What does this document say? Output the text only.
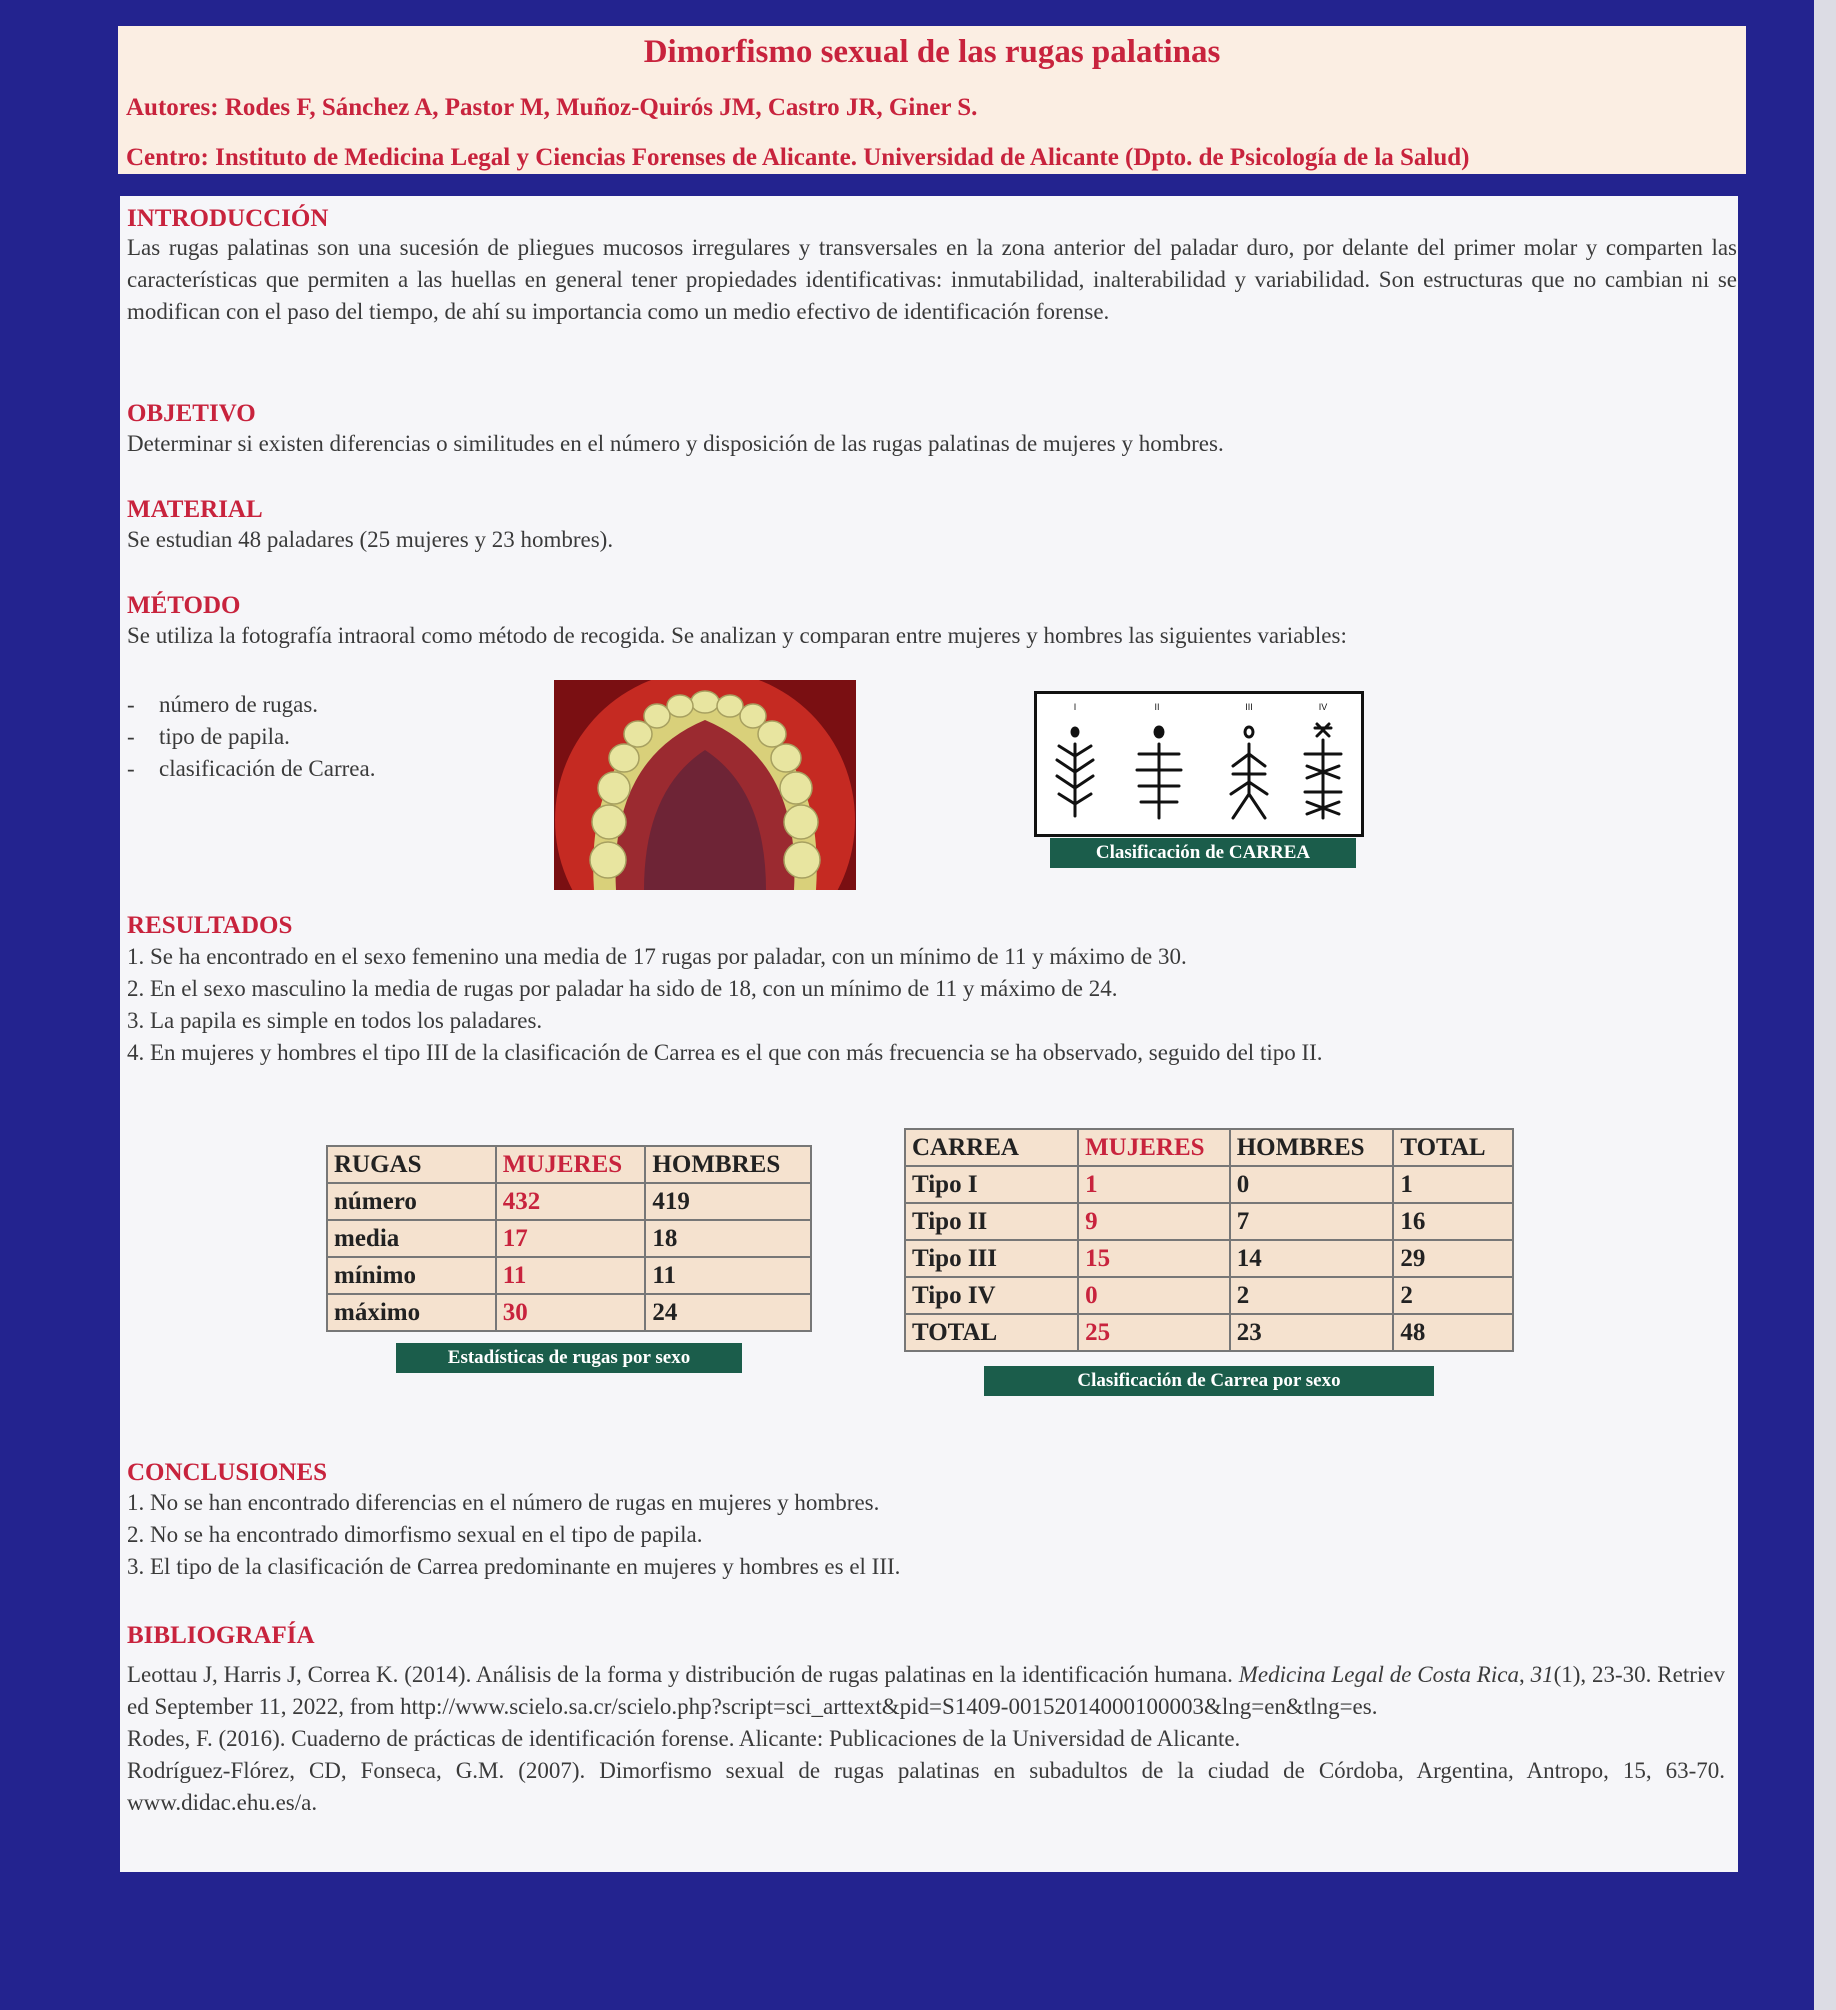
Dimorfismo sexual de las rugas palatinas
Autores: Rodes F, Sánchez A, Pastor M, Muñoz-Quirós JM, Castro JR, Giner S.
Centro: Instituto de Medicina Legal y Ciencias Forenses de Alicante. Universidad de Alicante (Dpto. de Psicología de la Salud)
INTRODUCCIÓN
Las rugas palatinas son una sucesión de pliegues mucosos irregulares y transversales en la zona anterior del paladar duro, por delante del primer molar y comparten las características que permiten a las huellas en general tener propiedades identificativas: inmutabilidad, inalterabilidad y variabilidad. Son estructuras que no cambian ni se modifican con el paso del tiempo, de ahí su importancia como un medio efectivo de identificación forense.
OBJETIVO
Determinar si existen diferencias o similitudes en el número y disposición de las rugas palatinas de mujeres y hombres.
MATERIAL
Se estudian 48 paladares (25 mujeres y 23 hombres).
MÉTODO
Se utiliza la fotografía intraoral como método de recogida. Se analizan y comparan entre mujeres y hombres las siguientes variables:
- número de rugas.
- tipo de papila.
- clasificación de Carrea.
I	II	III	IV
Clasificación de CARREA
RESULTADOS
1. Se ha encontrado en el sexo femenino una media de 17 rugas por paladar, con un mínimo de 11 y máximo de 30.
2. En el sexo masculino la media de rugas por paladar ha sido de 18, con un mínimo de 11 y máximo de 24.
3. La papila es simple en todos los paladares.
4. En mujeres y hombres el tipo III de la clasificación de Carrea es el que con más frecuencia se ha observado, seguido del tipo II.
RUGAS	MUJERES	HOMBRES
número	432	419
media	17	18
mínimo	11	11
máximo	30	24
Estadísticas de rugas por sexo
CARREA	MUJERES	HOMBRES	TOTAL
Tipo I	1	0	1
Tipo II	9	7	16
Tipo III	15	14	29
Tipo IV	0	2	2
TOTAL	25	23	48
Clasificación de Carrea por sexo
CONCLUSIONES
1. No se han encontrado diferencias en el número de rugas en mujeres y hombres.
2. No se ha encontrado dimorfismo sexual en el tipo de papila.
3. El tipo de la clasificación de Carrea predominante en mujeres y hombres es el III.
BIBLIOGRAFÍA

Leottau J, Harris J, Correa K. (2014). Análisis de la forma y distribución de rugas palatinas en la identificación humana. Medicina Legal de Costa Rica, 31(1), 23-30. Retrieved September 11, 2022, from http://www.scielo.sa.cr/scielo.php?script=sci_arttext&pid=S1409-00152014000100003&lng=en&tlng=es.

Rodes, F. (2016). Cuaderno de prácticas de identificación forense. Alicante: Publicaciones de la Universidad de Alicante.

Rodríguez-Flórez, CD, Fonseca, G.M. (2007). Dimorfismo sexual de rugas palatinas en subadultos de la ciudad de Córdoba, Argentina, Antropo, 15, 63-70. www.didac.ehu.es/a.
